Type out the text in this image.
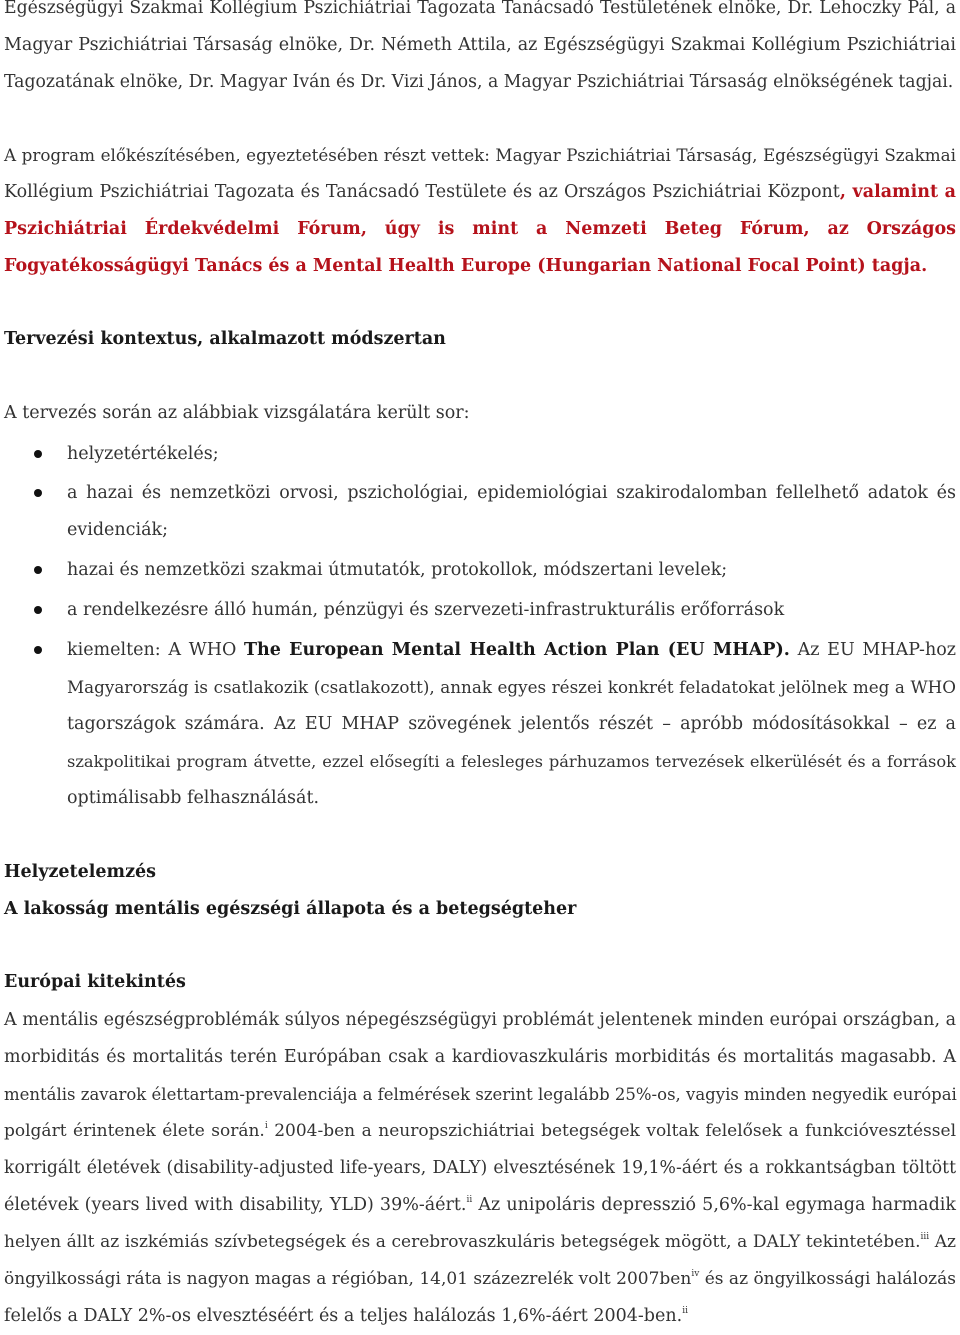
Egészségügyi Szakmai Kollégium Pszichiátriai Tagozata Tanácsadó Testületének elnöke, Dr. Lehoczky Pál, a
Magyar Pszichiátriai Társaság elnöke, Dr. Németh Attila, az Egészségügyi Szakmai Kollégium Pszichiátriai
Tagozatának elnöke, Dr. Magyar Iván és Dr. Vizi János, a Magyar Pszichiátriai Társaság elnökségének tagjai.
A program előkészítésében, egyeztetésében részt vettek: Magyar Pszichiátriai Társaság, Egészségügyi Szakmai
Kollégium Pszichiátriai Tagozata és Tanácsadó Testülete és az Országos Pszichiátriai Központ, valamint a
Pszichiátriai Érdekvédelmi Fórum, úgy is mint a Nemzeti Beteg Fórum, az Országos
Fogyatékosságügyi Tanács és a Mental Health Europe (Hungarian National Focal Point) tagja.
Tervezési kontextus, alkalmazott módszertan
A tervezés során az alábbiak vizsgálatára került sor:
helyzetértékelés;
a hazai és nemzetközi orvosi, pszichológiai, epidemiológiai szakirodalomban fellelhető adatok és
evidenciák;
hazai és nemzetközi szakmai útmutatók, protokollok, módszertani levelek;
a rendelkezésre álló humán, pénzügyi és szervezeti-infrastrukturális erőforrások
kiemelten: A WHO The European Mental Health Action Plan (EU MHAP). Az EU MHAP-hoz
Magyarország is csatlakozik (csatlakozott), annak egyes részei konkrét feladatokat jelölnek meg a WHO
tagországok számára. Az EU MHAP szövegének jelentős részét – apróbb módosításokkal – ez a
szakpolitikai program átvette, ezzel elősegíti a felesleges párhuzamos tervezések elkerülését és a források
optimálisabb felhasználását.
Helyzetelemzés
A lakosság mentális egészségi állapota és a betegségteher
Európai kitekintés
A mentális egészségproblémák súlyos népegészségügyi problémát jelentenek minden európai országban, a
morbiditás és mortalitás terén Európában csak a kardiovaszkuláris morbiditás és mortalitás magasabb. A
mentális zavarok élettartam-prevalenciája a felmérések szerint legalább 25%-os, vagyis minden negyedik európai
polgárt érintenek élete során.$^i$ 2004-ben a neuropszichiátriai betegségek voltak felelősek a funkcióvesztéssel
korrigált életévek (disability-adjusted life-years, DALY) elvesztésének 19,1%-áért és a rokkantságban töltött
életévek (years lived with disability, YLD) 39%-áért.$^{ii}$ Az unipoláris depresszió 5,6%-kal egymaga harmadik
helyen állt az iszkémiás szívbetegségek és a cerebrovaszkuláris betegségek mögött, a DALY tekintetében.$^{iii}$ Az
öngyilkossági ráta is nagyon magas a régióban, 14,01 százezrelék volt 2007ben$^{iv}$ és az öngyilkossági halálozás
felelős a DALY 2%-os elvesztéséért és a teljes halálozás 1,6%-áért 2004-ben.$^{ii}$
